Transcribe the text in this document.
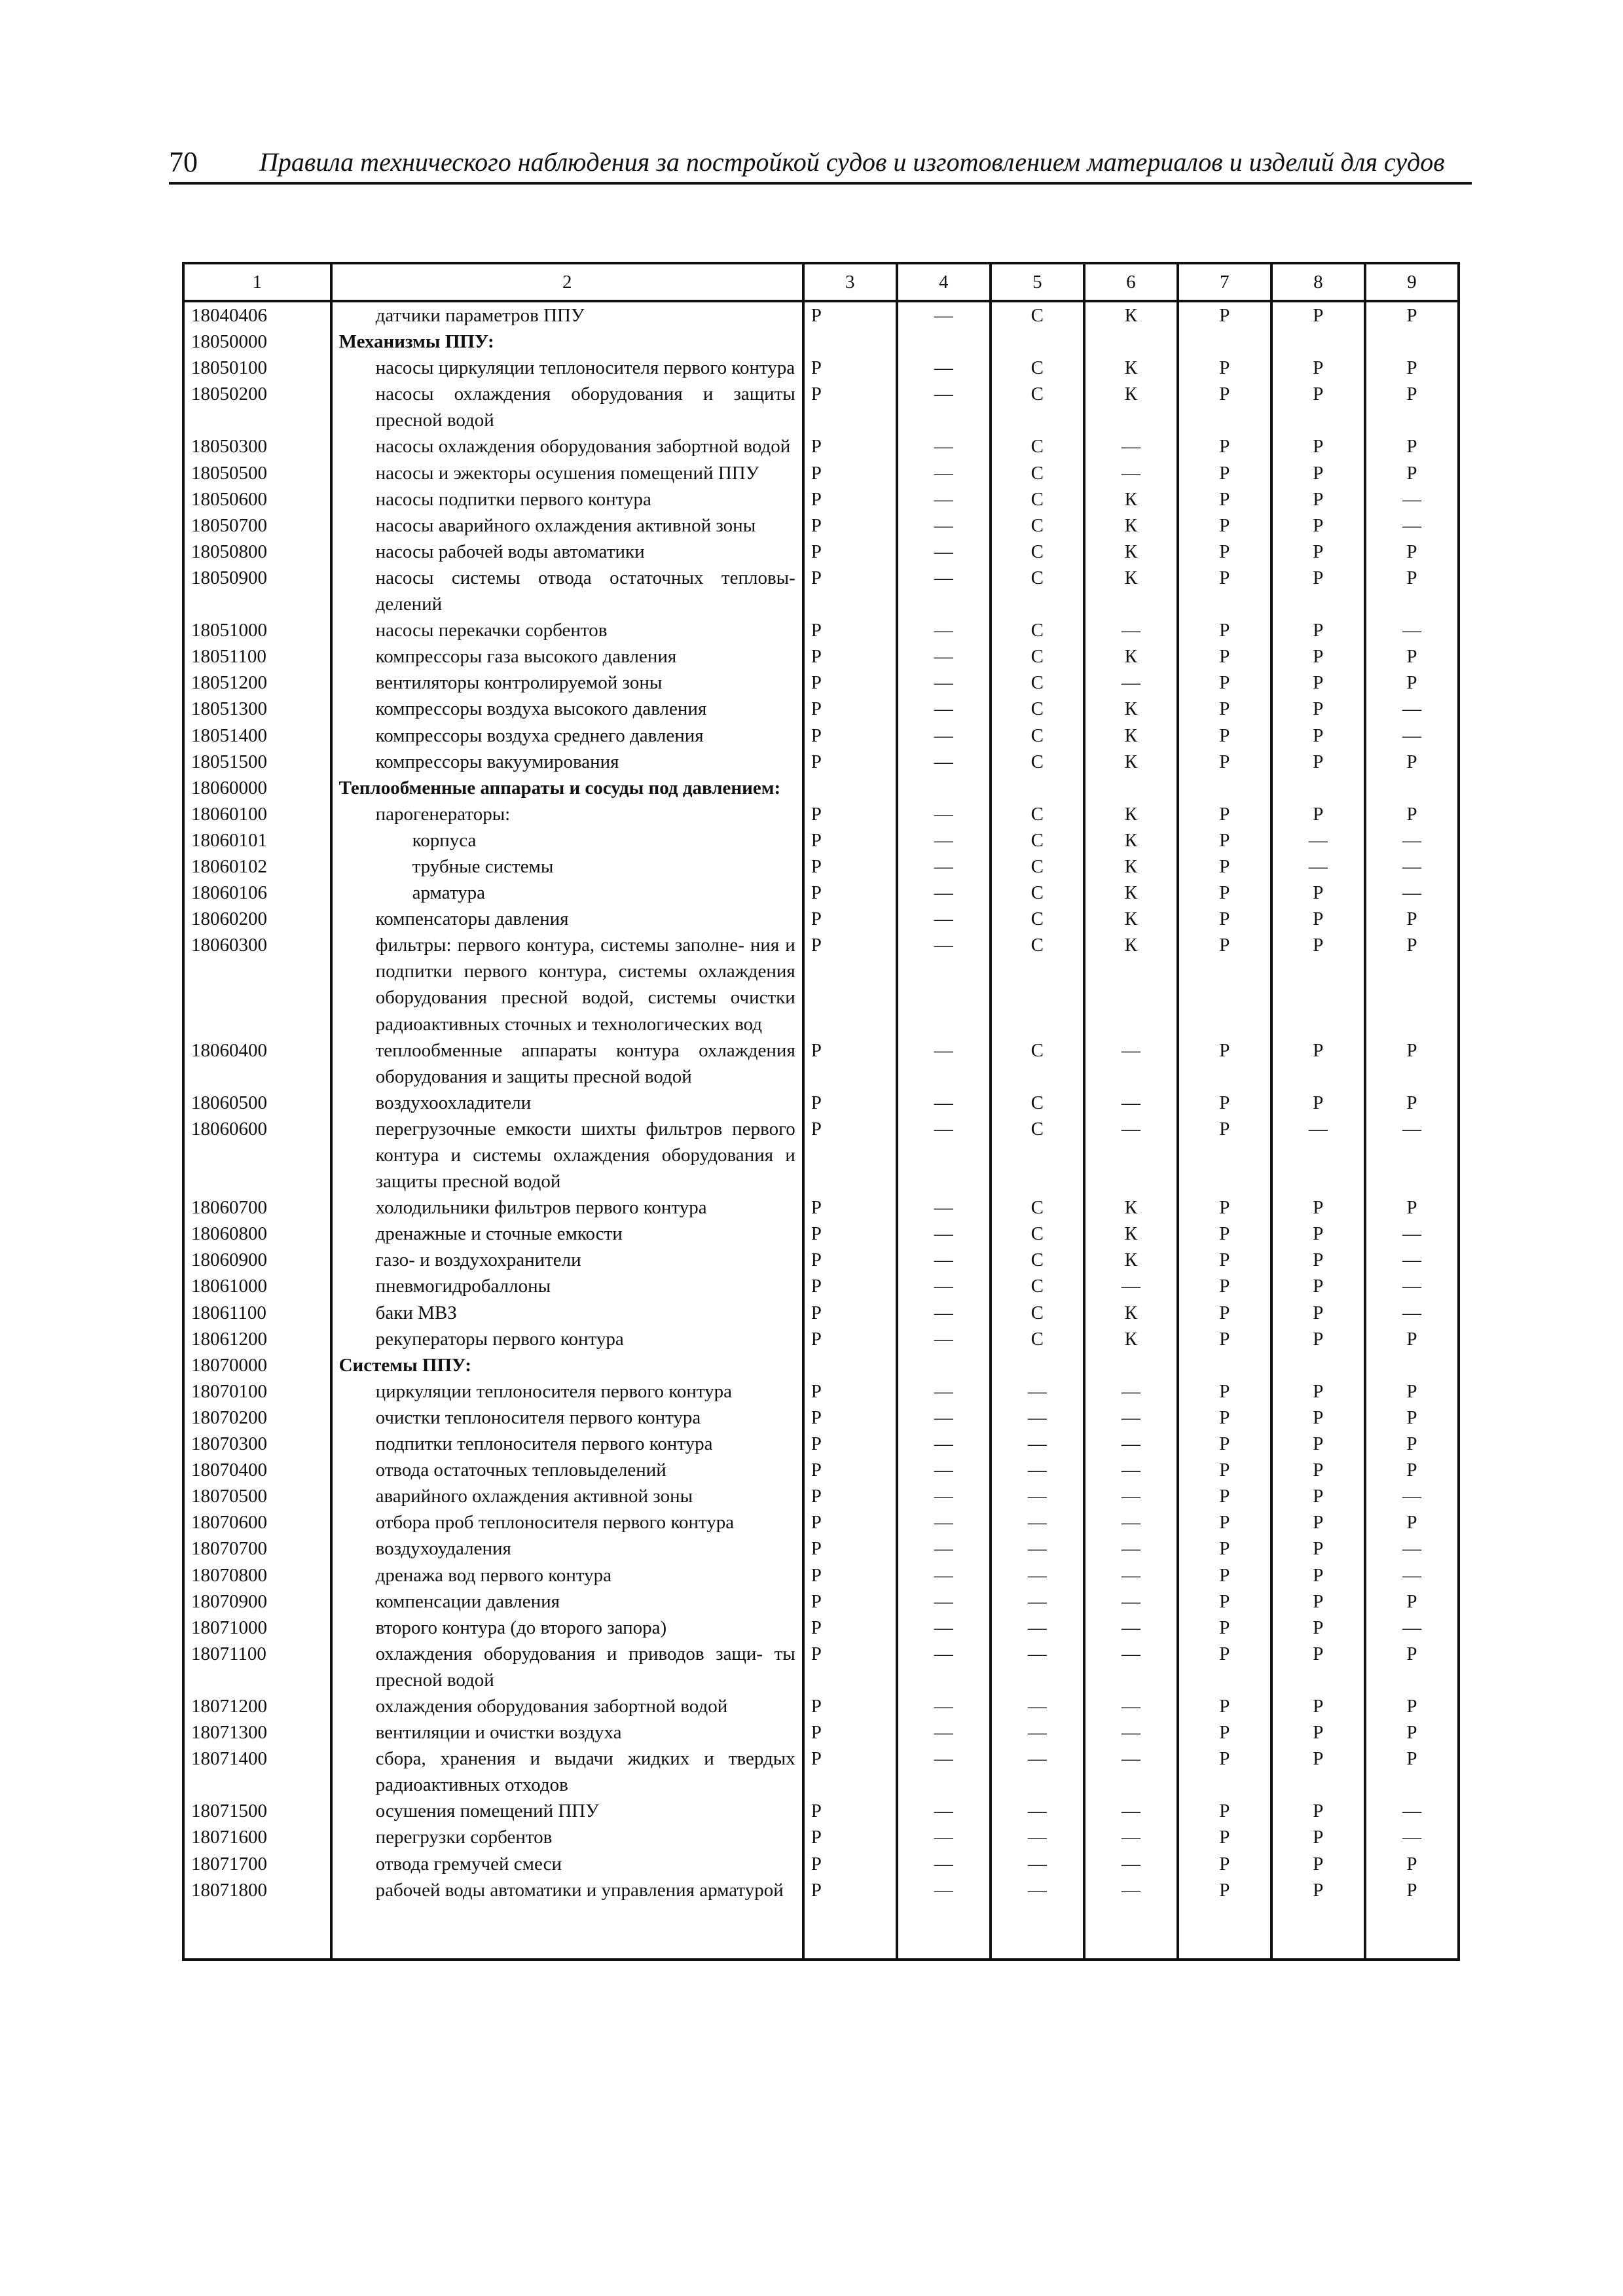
70 Правила технического наблюдения за постройкой судов и изготовлением материалов и изделий для судов
1	2	3	4	5	6	7	8	9
18040406	датчики параметров ППУ	Р	—	С	К	Р	Р	Р
18050000	Механизмы ППУ:							

18050100	насосы циркуляции теплоносителя первого контура	Р	—	С	К	Р	Р	Р
18050200	насосы охлаждения оборудования и защиты пресной водой	Р	—	С	К	Р	Р	Р
18050300	насосы охлаждения оборудования забортной водой	Р	—	С	—	Р	Р	Р
18050500	насосы и эжекторы осушения помещений ППУ	Р	—	С	—	Р	Р	Р
18050600	насосы подпитки первого контура	Р	—	С	К	Р	Р	—
18050700	насосы аварийного охлаждения активной зоны	Р	—	С	К	Р	Р	—
18050800	насосы рабочей воды автоматики	Р	—	С	К	Р	Р	Р
18050900	насосы системы отвода остаточных тепловы- делений	Р	—	С	К	Р	Р	Р
18051000	насосы перекачки сорбентов	Р	—	С	—	Р	Р	—
18051100	компрессоры газа высокого давления	Р	—	С	К	Р	Р	Р
18051200	вентиляторы контролируемой зоны	Р	—	С	—	Р	Р	Р
18051300	компрессоры воздуха высокого давления	Р	—	С	К	Р	Р	—
18051400	компрессоры воздуха среднего давления	Р	—	С	К	Р	Р	—
18051500	компрессоры вакуумирования	Р	—	С	К	Р	Р	Р
18060000	Теплообменные аппараты и сосуды под давлением:							

18060100	парогенераторы:	Р	—	С	К	Р	Р	Р
18060101	корпуса	Р	—	С	К	Р	—	—
18060102	трубные системы	Р	—	С	К	Р	—	—
18060106	арматура	Р	—	С	К	Р	Р	—
18060200	компенсаторы давления	Р	—	С	К	Р	Р	Р
18060300	фильтры: первого контура, системы заполне- ния и подпитки первого контура, системы охлаждения оборудования пресной водой, системы очистки радиоактивных сточных и технологических вод	Р	—	С	К	Р	Р	Р
18060400	теплообменные аппараты контура охлаждения оборудования и защиты пресной водой	Р	—	С	—	Р	Р	Р
18060500	воздухоохладители	Р	—	С	—	Р	Р	Р
18060600	перегрузочные емкости шихты фильтров первого контура и системы охлаждения оборудования и защиты пресной водой	Р	—	С	—	Р	—	—
18060700	холодильники фильтров первого контура	Р	—	С	К	Р	Р	Р
18060800	дренажные и сточные емкости	Р	—	С	К	Р	Р	—
18060900	газо- и воздухохранители	Р	—	С	К	Р	Р	—
18061000	пневмогидробаллоны	Р	—	С	—	Р	Р	—
18061100	баки МВЗ	Р	—	С	К	Р	Р	—
18061200	рекуператоры первого контура	Р	—	С	К	Р	Р	Р
18070000	Системы ППУ:							

18070100	циркуляции теплоносителя первого контура	Р	—	—	—	Р	Р	Р
18070200	очистки теплоносителя первого контура	Р	—	—	—	Р	Р	Р
18070300	подпитки теплоносителя первого контура	Р	—	—	—	Р	Р	Р
18070400	отвода остаточных тепловыделений	Р	—	—	—	Р	Р	Р
18070500	аварийного охлаждения активной зоны	Р	—	—	—	Р	Р	—
18070600	отбора проб теплоносителя первого контура	Р	—	—	—	Р	Р	Р
18070700	воздухоудаления	Р	—	—	—	Р	Р	—
18070800	дренажа вод первого контура	Р	—	—	—	Р	Р	—
18070900	компенсации давления	Р	—	—	—	Р	Р	Р
18071000	второго контура (до второго запора)	Р	—	—	—	Р	Р	—
18071100	охлаждения оборудования и приводов защи- ты пресной водой	Р	—	—	—	Р	Р	Р
18071200	охлаждения оборудования забортной водой	Р	—	—	—	Р	Р	Р
18071300	вентиляции и очистки воздуха	Р	—	—	—	Р	Р	Р
18071400	сбора, хранения и выдачи жидких и твердых радиоактивных отходов	Р	—	—	—	Р	Р	Р
18071500	осушения помещений ППУ	Р	—	—	—	Р	Р	—
18071600	перегрузки сорбентов	Р	—	—	—	Р	Р	—
18071700	отвода гремучей смеси	Р	—	—	—	Р	Р	Р
18071800	рабочей воды автоматики и управления арматурой	Р	—	—	—	Р	Р	Р
